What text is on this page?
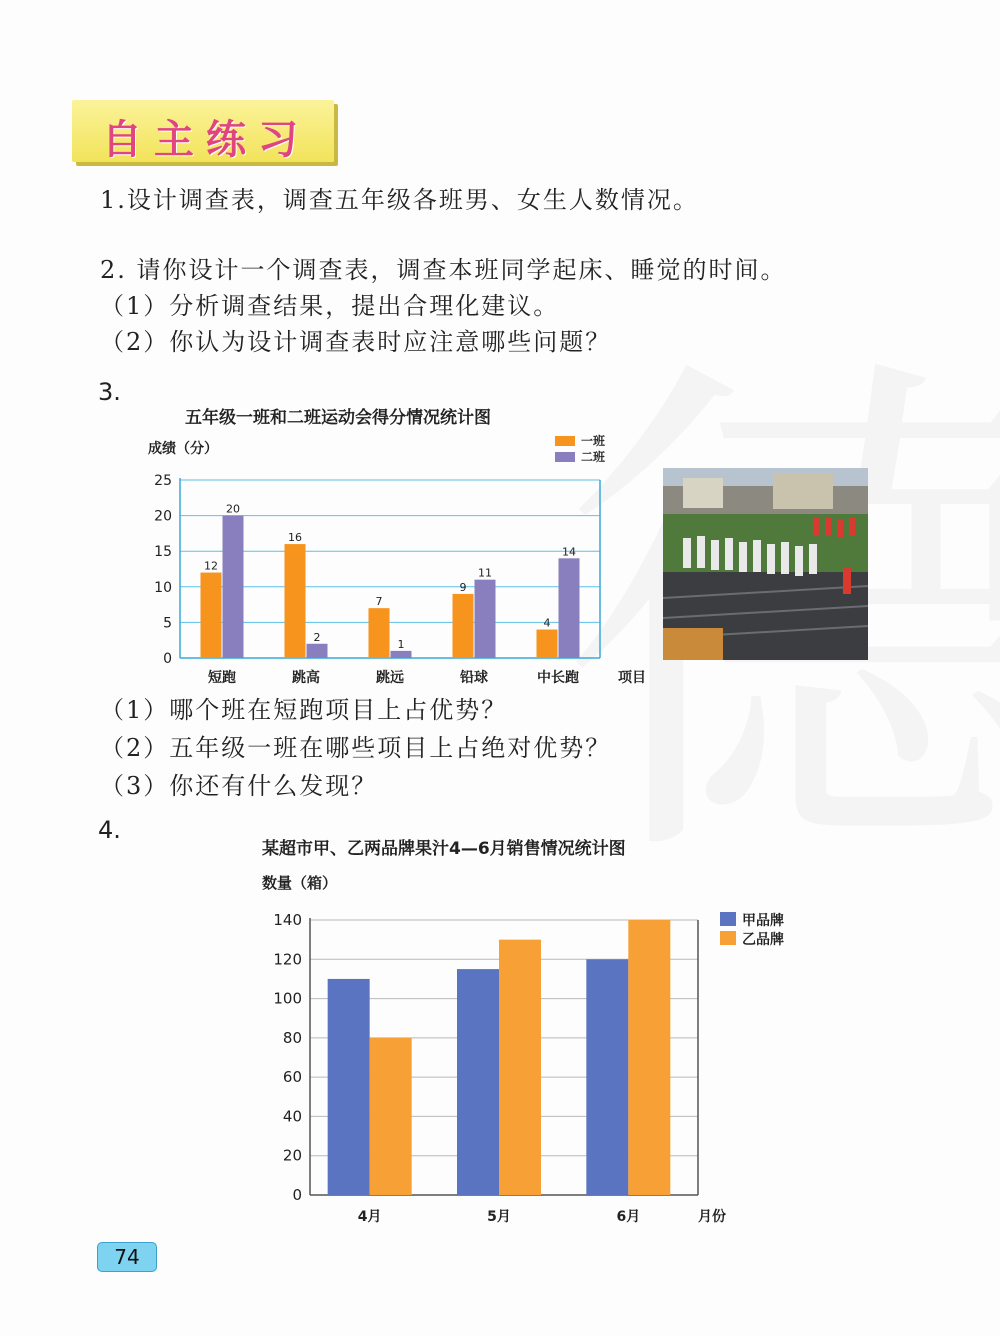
自主练习
1.设计调查表，调查五年级各班男、女生人数情况。
2. 请你设计一个调查表，调查本班同学起床、睡觉的时间。
（1）分析调查结果，提出合理化建议。
（2）你认为设计调查表时应注意哪些问题？
3.
五年级一班和二班运动会得分情况统计图
成绩（分）
0
5
10
15
20
25
12
20
短跑
16
2
跳高
7
1
跳远
9
11
铅球
4
14
中长跑	项目
一班
二班
（1）哪个班在短跑项目上占优势？
（2）五年级一班在哪些项目上占绝对优势？
（3）你还有什么发现？
4.
某超市甲、乙两品牌果汁4—6月销售情况统计图
数量（箱）
0
20
40
60
80
100
120
140
4月	5月	6月	月份
甲品牌
乙品牌
74
